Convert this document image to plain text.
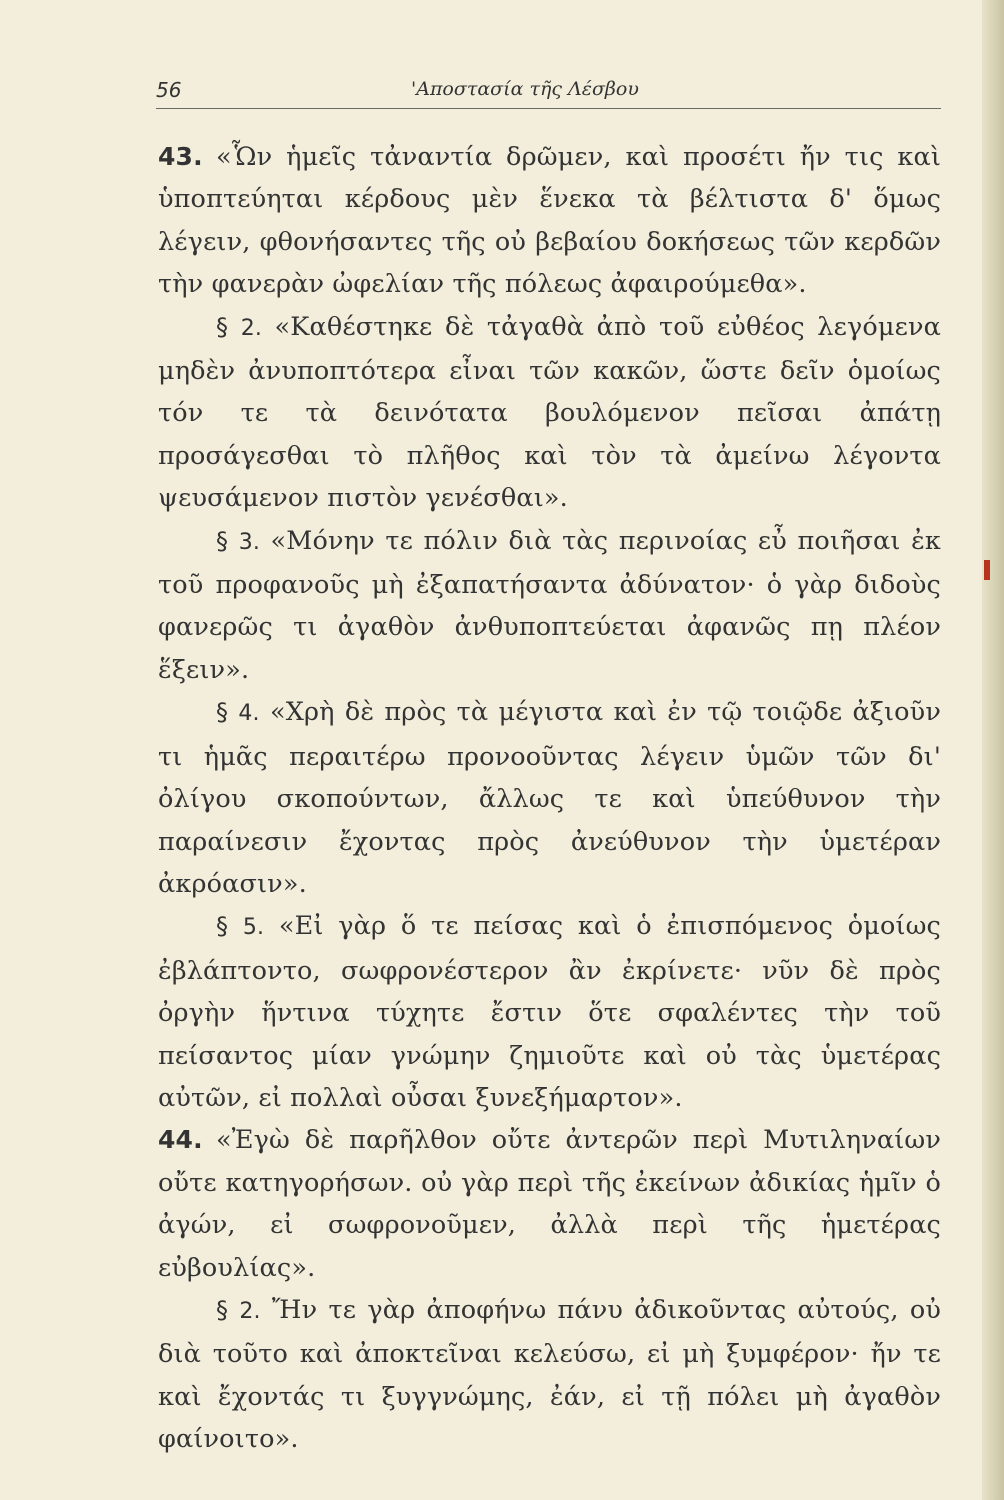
56	'Αποστασία τῆς Λέσβου

43. «Ὧν ἡμεῖς τἀναντία δρῶμεν, καὶ προσέτι ἤν τις καὶ ὑποπτεύηται κέρδους μὲν ἕνεκα τὰ βέλτιστα δ' ὅμως λέγειν, φθονήσαντες τῆς οὐ βεβαίου δοκήσεως τῶν κερδῶν τὴν φανερὰν ὠφελίαν τῆς πόλεως ἀφαιρούμεθα».

§ 2. «Καθέστηκε δὲ τἀγαθὰ ἀπὸ τοῦ εὐθέος λεγόμενα μηδὲν ἀνυποπτότερα εἶναι τῶν κακῶν, ὥστε δεῖν ὁμοίως τόν τε τὰ δεινότατα βουλόμενον πεῖσαι ἀπάτῃ προσάγεσθαι τὸ πλῆθος καὶ τὸν τὰ ἀμείνω λέγοντα ψευσάμενον πιστὸν γενέσθαι».

§ 3. «Μόνην τε πόλιν διὰ τὰς περινοίας εὖ ποιῆσαι ἐκ τοῦ προφανοῦς μὴ ἐξαπατήσαντα ἀδύνατον· ὁ γὰρ διδοὺς φανερῶς τι ἀγαθὸν ἀνθυποπτεύεται ἀφανῶς πῃ πλέον ἕξειν».

§ 4. «Χρὴ δὲ πρὸς τὰ μέγιστα καὶ ἐν τῷ τοιῷδε ἀξιοῦν τι ἡμᾶς περαιτέρω προνοοῦντας λέγειν ὑμῶν τῶν δι' ὀλίγου σκοπούντων, ἄλλως τε καὶ ὑπεύθυνον τὴν παραίνεσιν ἔχοντας πρὸς ἀνεύθυνον τὴν ὑμετέραν ἀκρόασιν».

§ 5. «Εἰ γὰρ ὅ τε πείσας καὶ ὁ ἐπισπόμενος ὁμοίως ἐβλάπτοντο, σωφρονέστερον ἂν ἐκρίνετε· νῦν δὲ πρὸς ὀργὴν ἥντινα τύχητε ἔστιν ὅτε σφαλέντες τὴν τοῦ πείσαντος μίαν γνώμην ζημιοῦτε καὶ οὐ τὰς ὑμετέρας αὐτῶν, εἰ πολλαὶ οὖσαι ξυνεξήμαρτον».

44. «Ἐγὼ δὲ παρῆλθον οὔτε ἀντερῶν περὶ Μυτιληναίων οὔτε κατηγορήσων. οὐ γὰρ περὶ τῆς ἐκείνων ἀδικίας ἡμῖν ὁ ἀγών, εἰ σωφρονοῦμεν, ἀλλὰ περὶ τῆς ἡμετέρας εὐβουλίας».

§ 2. Ἤν τε γὰρ ἀποφήνω πάνυ ἀδικοῦντας αὐτούς, οὐ διὰ τοῦτο καὶ ἀποκτεῖναι κελεύσω, εἰ μὴ ξυμφέρον· ἤν τε καὶ ἔχοντάς τι ξυγγνώμης, ἐάν, εἰ τῇ πόλει μὴ ἀγαθὸν φαίνοιτο».
